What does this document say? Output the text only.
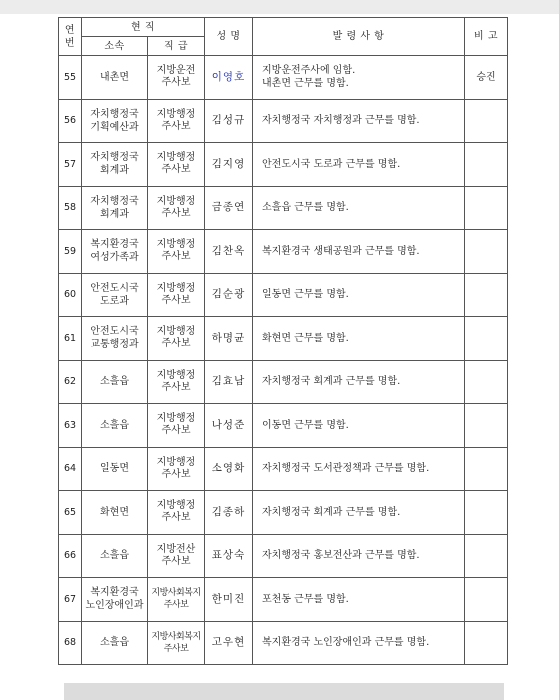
연
번	현 직		성 명	발 령 사 항	비 고
	소속	직 급			
55	내촌면	지방운전
주사보	이영호	지방운전주사에 임함.
내촌면 근무를 명함.	승진
56	자치행정국
기획예산과	지방행정
주사보	김성규	자치행정국 자치행정과 근무를 명함.	
57	자치행정국
회계과	지방행정
주사보	김지영	안전도시국 도로과 근무를 명함.	
58	자치행정국
회계과	지방행정
주사보	금종연	소흘읍 근무를 명함.	
59	복지환경국
여성가족과	지방행정
주사보	김찬옥	복지환경국 생태공원과 근무를 명함.	
60	안전도시국
도로과	지방행정
주사보	김순광	일동면 근무를 명함.	
61	안전도시국
교통행정과	지방행정
주사보	하명균	화현면 근무를 명함.	
62	소흘읍	지방행정
주사보	김효남	자치행정국 회계과 근무를 명함.	
63	소흘읍	지방행정
주사보	나성준	이동면 근무를 명함.	
64	일동면	지방행정
주사보	소영화	자치행정국 도서관정책과 근무를 명함.	
65	화현면	지방행정
주사보	김종하	자치행정국 회계과 근무를 명함.	
66	소흘읍	지방전산
주사보	표상숙	자치행정국 홍보전산과 근무를 명함.	
67	복지환경국
노인장애인과	지방사회복지
주사보	한미진	포천동 근무를 명함.	
68	소흘읍	지방사회복지
주사보	고우현	복지환경국 노인장애인과 근무를 명함.	
